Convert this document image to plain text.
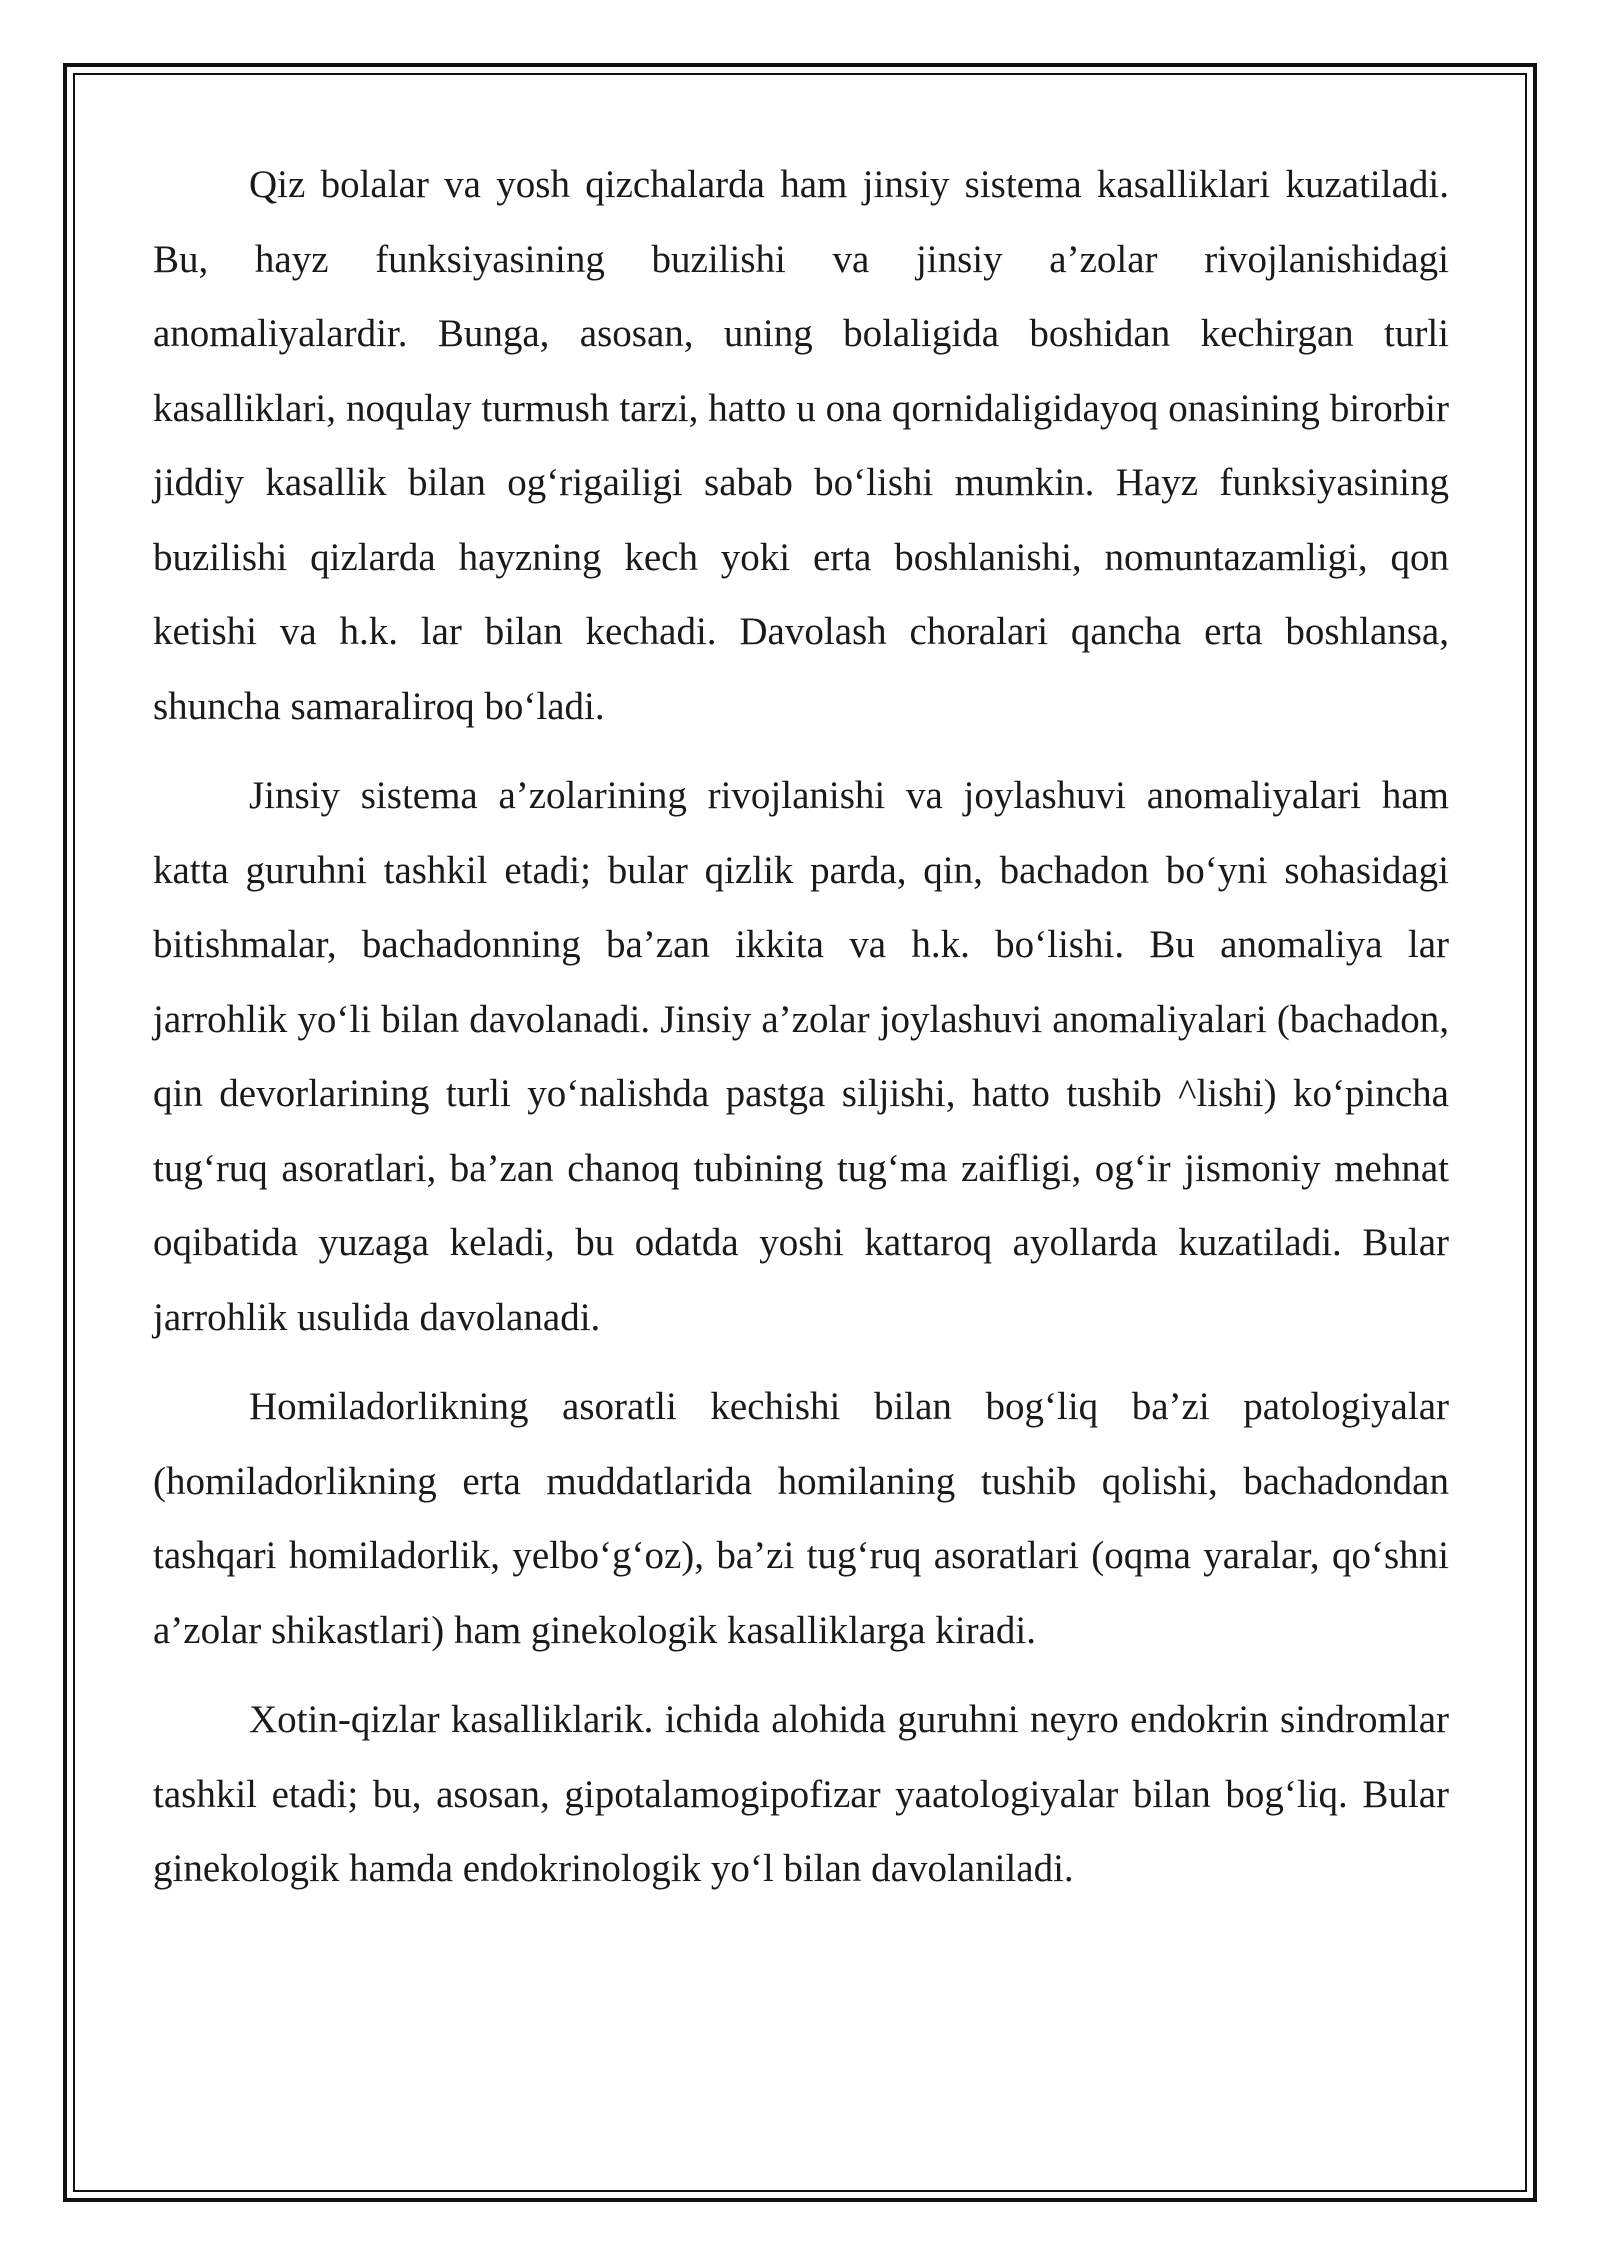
Qiz bolalar va yosh qizchalarda ham jinsiy sistema kasalliklari kuzatiladi. Bu, hayz funksiyasining buzilishi va jinsiy a’zolar rivojlanishidagi anomaliyalardir. Bunga, asosan, uning bolaligida boshidan kechirgan turli kasalliklari, noqulay turmush tarzi, hatto u ona qornidaligidayoq onasining birorbir jiddiy kasallik bilan og‘rigailigi sabab bo‘lishi mumkin. Hayz funksiyasining buzilishi qizlarda hayzning kech yoki erta boshlanishi, nomuntazamligi, qon ketishi va h.k. lar bilan kechadi. Davolash choralari qancha erta boshlansa, shuncha samaraliroq bo‘ladi.

Jinsiy sistema a’zolarining rivojlanishi va joylashuvi anomaliyalari ham katta guruhni tashkil etadi; bular qizlik parda, qin, bachadon bo‘yni sohasidagi bitishmalar, bachadonning ba’zan ikkita va h.k. bo‘lishi. Bu anomaliya lar jarrohlik yo‘li bilan davolanadi. Jinsiy a’zolar joylashuvi anomaliyalari (bachadon, qin devorlarining turli yo‘nalishda pastga siljishi, hatto tushib ^lishi) ko‘pincha tug‘ruq asoratlari, ba’zan chanoq tubining tug‘ma zaifligi, og‘ir jismoniy mehnat oqibatida yuzaga keladi, bu odatda yoshi kattaroq ayollarda kuzatiladi. Bular jarrohlik usulida davolanadi.

Homiladorlikning asoratli kechishi bilan bog‘liq ba’zi patologiyalar (homiladorlikning erta muddatlarida homilaning tushib qolishi, bachadondan tashqari homiladorlik, yelbo‘g‘oz), ba’zi tug‘ruq asoratlari (oqma yaralar, qo‘shni a’zolar shikastlari) ham ginekologik kasalliklarga kiradi.

Xotin-qizlar kasalliklarik. ichida alohida guruhni neyro endokrin sindromlar tashkil etadi; bu, asosan, gipotalamogipofizar yaatologiyalar bilan bog‘liq. Bular ginekologik hamda endokrinologik yo‘l bilan davolaniladi.
